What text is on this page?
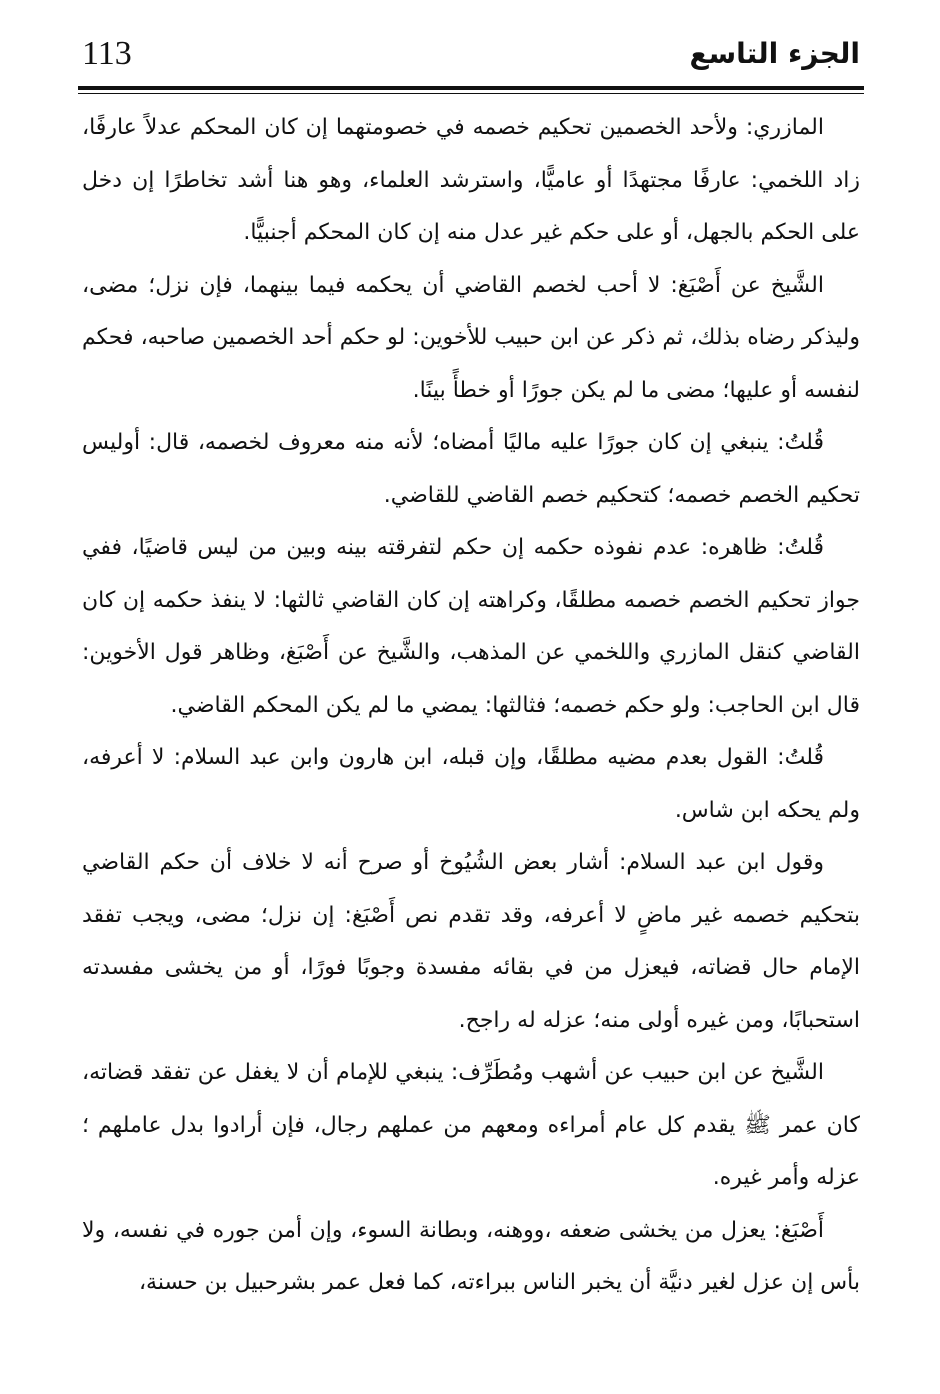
113	الجزء التاسع

المازري: ولأحد الخصمين تحكيم خصمه في خصومتهما إن كان المحكم عدلاً عارفًا، زاد اللخمي: عارفًا مجتهدًا أو عاميًّا، واسترشد العلماء، وهو هنا أشد تخاطرًا إن دخل على الحكم بالجهل، أو على حكم غير عدل منه إن كان المحكم أجنبيًّا.

الشَّيخ عن أَصْبَغ: لا أحب لخصم القاضي أن يحكمه فيما بينهما، فإن نزل؛ مضى، وليذكر رضاه بذلك، ثم ذكر عن ابن حبيب للأخوين: لو حكم أحد الخصمين صاحبه، فحكم لنفسه أو عليها؛ مضى ما لم يكن جورًا أو خطأً بينًا.

قُلتُ: ينبغي إن كان جورًا عليه ماليًا أمضاه؛ لأنه منه معروف لخصمه، قال: أوليس تحكيم الخصم خصمه؛ كتحكيم خصم القاضي للقاضي.

قُلتُ: ظاهره: عدم نفوذه حكمه إن حكم لتفرقته بينه وبين من ليس قاضيًا، ففي جواز تحكيم الخصم خصمه مطلقًا، وكراهته إن كان القاضي ثالثها: لا ينفذ حكمه إن كان القاضي كنقل المازري واللخمي عن المذهب، والشَّيخ عن أَصْبَغ، وظاهر قول الأخوين: قال ابن الحاجب: ولو حكم خصمه؛ فثالثها: يمضي ما لم يكن المحكم القاضي.

قُلتُ: القول بعدم مضيه مطلقًا، وإن قبله، ابن هارون وابن عبد السلام: لا أعرفه، ولم يحكه ابن شاس.

وقول ابن عبد السلام: أشار بعض الشُيُوخ أو صرح أنه لا خلاف أن حكم القاضي بتحكيم خصمه غير ماضٍ لا أعرفه، وقد تقدم نص أَصْبَغ: إن نزل؛ مضى، ويجب تفقد الإمام حال قضاته، فيعزل من في بقائه مفسدة وجوبًا فورًا، أو من يخشى مفسدته استحبابًا، ومن غيره أولى منه؛ عزله له راجح.

الشَّيخ عن ابن حبيب عن أشهب ومُطَرِّف: ينبغي للإمام أن لا يغفل عن تفقد قضاته، كان عمر ﷺ يقدم كل عام أمراءه ومعهم من عملهم رجال، فإن أرادوا بدل عاملهم ؛عزله وأمر غيره.

أَصْبَغ: يعزل من يخشى ضعفه ،ووهنه، وبطانة السوء، وإن أمن جوره في نفسه، ولا بأس إن عزل لغير دنيَّة أن يخبر الناس ببراءته، كما فعل عمر بشرحبيل بن حسنة،
